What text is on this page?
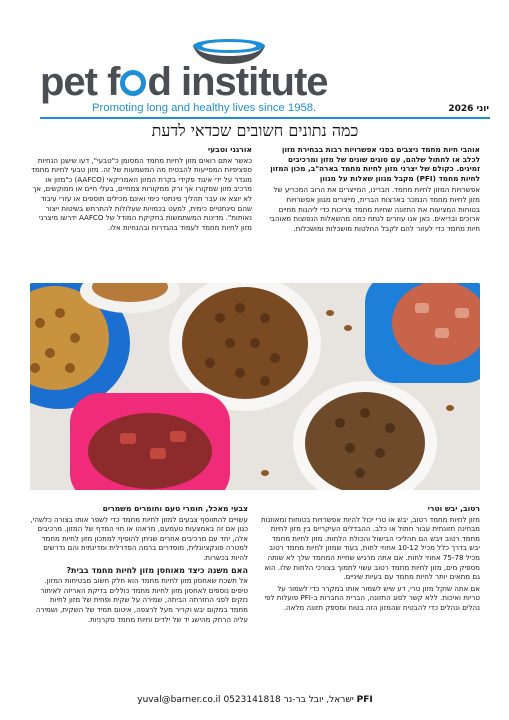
pet f d institute
Promoting long and healthy lives since 1958.	יוני 2026
כמה נתונים חשובים שכדאי לדעת

אוהבי חיות מחמד ניצבים בפני אפשרויות רבות בבחירת מזון לכלב או לחתול שלהם, עם סוגים שונים של מזון ומרכיבים זמינים. כקולם של יצרני מזון לחיות מחמד בארה"ב, מכון המזון לחיות מחמד (PFI) מקבל מגוון שאלות על מגוון

אפשרויות המזון לחיות מחמד. חברינו, המייצרים את הרוב המכריע של מזון לחיות מחמד הנמכר בארצות הברית, מייצרים מגוון אפשרויות בטוחות המציעות את התזונה שחיות מחמד צריכות כדי ליהנות מחיים ארוכים ובריאים. כאן אנו עוזרים לנתח כמה מהשאלות הנפוצות מאוהבי חיות מחמד כדי לעזור להם לקבל החלטות מושכלות ומושכלות.

אורגני וטבעי

כאשר אתם רואים מזון לחיות מחמד המסומן כ"טבעי", דעו שישנן הנחיות ספציפיות המסייעות להבטיח מה המשמעות של זה. מזון טבעי לחיות מחמד מוגדר על ידי איגוד פקידי בקרת המזון האמריקאי (AAFCO) כ"מזון או מרכיב מזון שמקורו אך ורק ממקורות צמחיים, בעלי חיים או ממוקשים, אך לא יוצא או עבר תהליך סינתטי כימי ואינם מכילים תוספים או עזרי עיבוד שהם סינתטיים כימית, למעט בכמויות שעלולות להתרחש בשיטות ייצור נאותות". מדינות המשתמשות בחקיקת המודל של AAFCO ידרשו מיצרני מזון לחיות מחמד לעמוד בהגדרות ובהנחיות אלו.

רטוב, יבש וטרי

מזון לחיות מחמד רטוב, יבש או טרי יכול להיות אפשרויות בטוחות ומאוזנות מבחינה תזונתית עבור חתול או כלב. ההבדלים העיקריים בין מזון לחיות מחמד רטוב ויבש הם תהליכי הבישול והכולת הלחות. מזון לחיות מחמד יבש בדרך כלל מכיל 10-12 אחוזי לחות, בעוד שמזון לחיות מחמד רטוב מכיל 75-78 אחוזי לחות. אם אתה מרגיש שחיית המחמד שלך לא שותה מספיק מים, מזון לחיות מחמד רטוב עשוי לתמוך בצורכי הלחות שלו. הוא גם מתאים יותר לחיות מחמד עם בעיות שיניים.

אם אתה שוקל מזון טרי, דע שיש לשמור אותו במקרר כדי לשמור על טריות ואיכות. ללא קשר לסוג התזונה, הברית החברות ב-PFI פועלות לפי נהלים ונהלים כדי להבטיח שהמזון הזה בטוח ומספק תזונה מלאה.

צבעי מאכל, חומרי טעם וחומרים משמרים

עשויים להתווסף צבעים למזון לחיות מחמד כדי לשפר אותו בצורה כלשהי, כגון אם זה באמצעות טעמעם, מראהו או חוי המדף של המזון. מרכיבים אלה, יחד עם מרכיבים אחרים שניתן להוסיף למתכון מזון לחיות מחמד למטרה פונקציונלית, מוסדרים ברמה הפדרלית ומדינתית והם נדרשים להיות בכשרות.

האם משנה כיצד מאוחסן מזון לחיות מחמד בבית?

אל תשכח שאחסון מזון לחיות מחמד הוא חלק חשוב מבטיחות המזון. טיפים נוספים לאחסון מזון לחיות מחמד כוללים בדיקת האריזה לאיתור נזקים לפני החזרתה הביתה, שמירה על שקית ופחית של מזון לחיות מחמד במקום יבש וקריר מעל לרצפה, איטום תמיד של השקית, ושמירה עליה הרחק מהישג יד של ילדים וחיות מחמד סקרניות.

PFI ישראל, יובל בר-נר 0523141818 yuval@barner.co.il
